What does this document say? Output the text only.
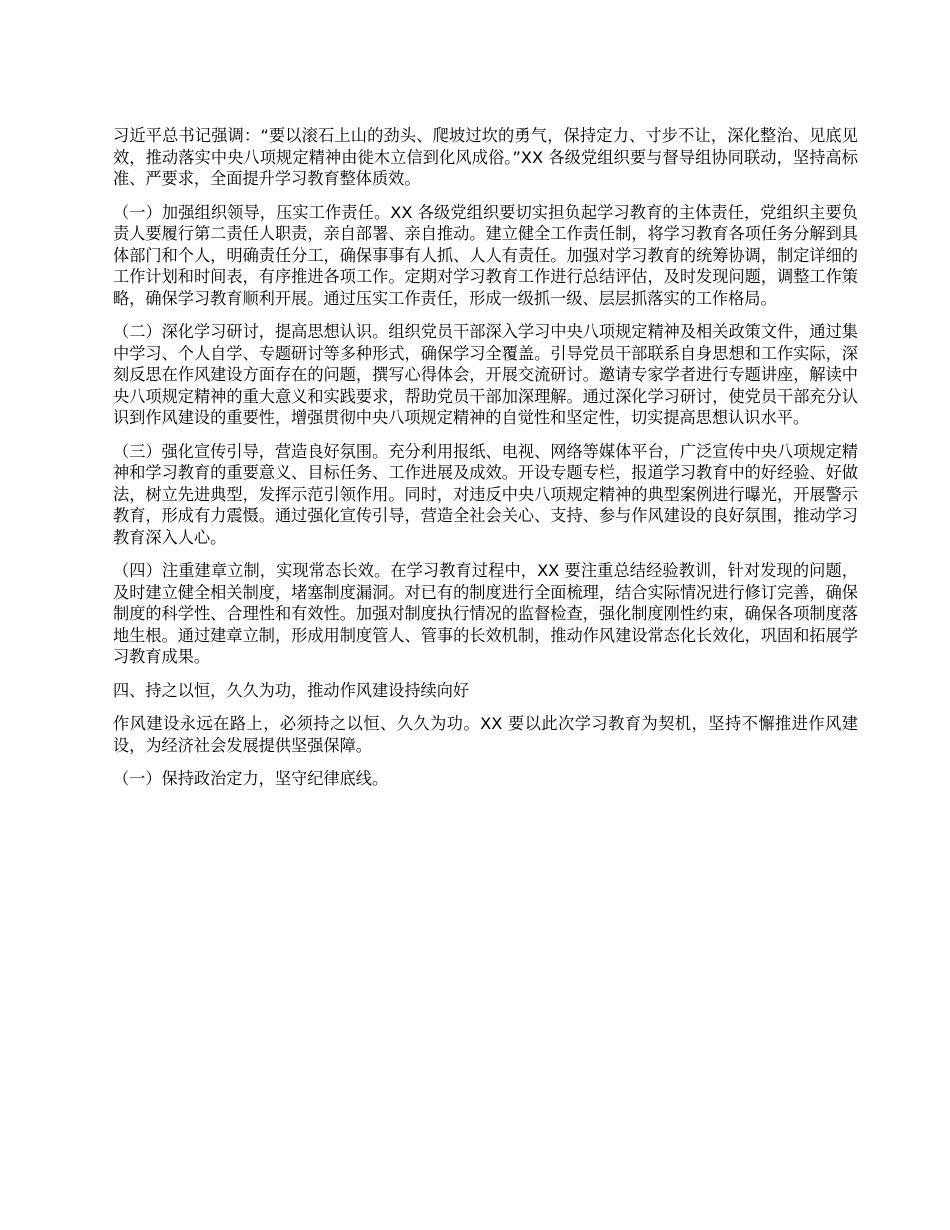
习近平总书记强调：“要以滚石上山的劲头、爬坡过坎的勇气，保持定力、寸步不让，深化整治、见底见效，推动落实中央八项规定精神由徙木立信到化风成俗。”XX 各级党组织要与督导组协同联动，坚持高标准、严要求，全面提升学习教育整体质效。

（一）加强组织领导，压实工作责任。XX 各级党组织要切实担负起学习教育的主体责任，党组织主要负责人要履行第二责任人职责，亲自部署、亲自推动。建立健全工作责任制，将学习教育各项任务分解到具体部门和个人，明确责任分工，确保事事有人抓、人人有责任。加强对学习教育的统筹协调，制定详细的工作计划和时间表，有序推进各项工作。定期对学习教育工作进行总结评估，及时发现问题，调整工作策略，确保学习教育顺利开展。通过压实工作责任，形成一级抓一级、层层抓落实的工作格局。

（二）深化学习研讨，提高思想认识。组织党员干部深入学习中央八项规定精神及相关政策文件，通过集中学习、个人自学、专题研讨等多种形式，确保学习全覆盖。引导党员干部联系自身思想和工作实际，深刻反思在作风建设方面存在的问题，撰写心得体会，开展交流研讨。邀请专家学者进行专题讲座，解读中央八项规定精神的重大意义和实践要求，帮助党员干部加深理解。通过深化学习研讨，使党员干部充分认识到作风建设的重要性，增强贯彻中央八项规定精神的自觉性和坚定性，切实提高思想认识水平。

（三）强化宣传引导，营造良好氛围。充分利用报纸、电视、网络等媒体平台，广泛宣传中央八项规定精神和学习教育的重要意义、目标任务、工作进展及成效。开设专题专栏，报道学习教育中的好经验、好做法，树立先进典型，发挥示范引领作用。同时，对违反中央八项规定精神的典型案例进行曝光，开展警示教育，形成有力震慑。通过强化宣传引导，营造全社会关心、支持、参与作风建设的良好氛围，推动学习教育深入人心。

（四）注重建章立制，实现常态长效。在学习教育过程中，XX 要注重总结经验教训，针对发现的问题，及时建立健全相关制度，堵塞制度漏洞。对已有的制度进行全面梳理，结合实际情况进行修订完善，确保制度的科学性、合理性和有效性。加强对制度执行情况的监督检查，强化制度刚性约束，确保各项制度落地生根。通过建章立制，形成用制度管人、管事的长效机制，推动作风建设常态化长效化，巩固和拓展学习教育成果。

四、持之以恒，久久为功，推动作风建设持续向好

作风建设永远在路上，必须持之以恒、久久为功。XX 要以此次学习教育为契机，坚持不懈推进作风建设，为经济社会发展提供坚强保障。

（一）保持政治定力，坚守纪律底线。
